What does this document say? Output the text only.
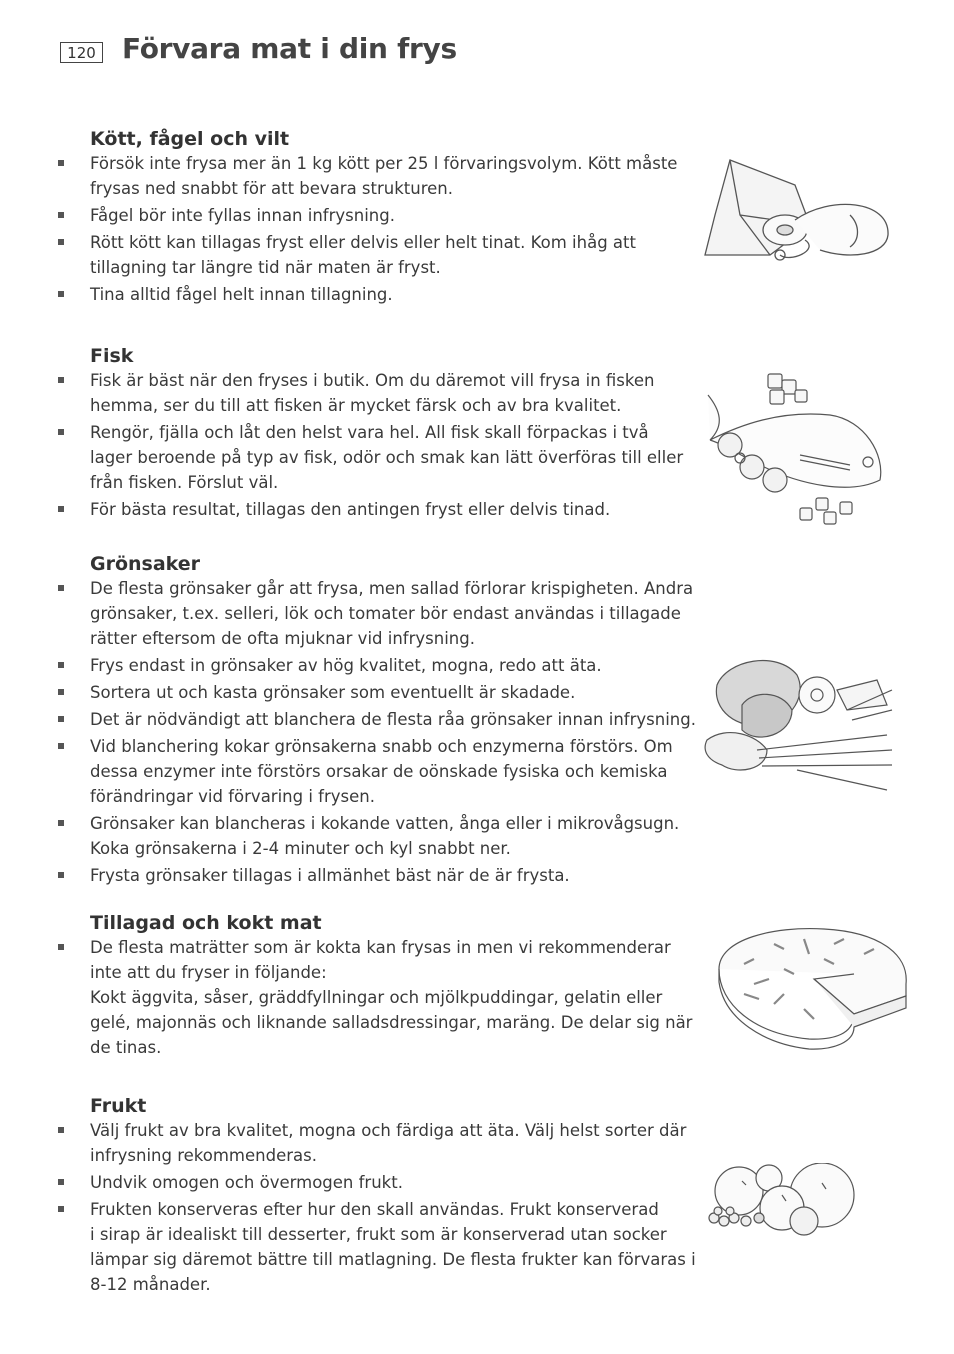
120 Förvara mat i din frys
Kött, fågel och vilt
Försök inte frysa mer än 1 kg kött per 25 l förvaringsvolym. Kött måste
frysas ned snabbt för att bevara strukturen.
Fågel bör inte fyllas innan infrysning.
Rött kött kan tillagas fryst eller delvis eller helt tinat. Kom ihåg att
tillagning tar längre tid när maten är fryst.
Tina alltid fågel helt innan tillagning.
Fisk
Fisk är bäst när den fryses i butik. Om du däremot vill frysa in fisken
hemma, ser du till att fisken är mycket färsk och av bra kvalitet.
Rengör, fjälla och låt den helst vara hel. All fisk skall förpackas i två
lager beroende på typ av fisk, odör och smak kan lätt överföras till eller
från fisken. Förslut väl.
För bästa resultat, tillagas den antingen fryst eller delvis tinad.
Grönsaker
De flesta grönsaker går att frysa, men sallad förlorar krispigheten. Andra
grönsaker, t.ex. selleri, lök och tomater bör endast användas i tillagade
rätter eftersom de ofta mjuknar vid infrysning.
Frys endast in grönsaker av hög kvalitet, mogna, redo att äta.
Sortera ut och kasta grönsaker som eventuellt är skadade.
Det är nödvändigt att blanchera de flesta råa grönsaker innan infrysning.
Vid blanchering kokar grönsakerna snabb och enzymerna förstörs. Om
dessa enzymer inte förstörs orsakar de oönskade fysiska och kemiska
förändringar vid förvaring i frysen.
Grönsaker kan blancheras i kokande vatten, ånga eller i mikrovågsugn.
Koka grönsakerna i 2-4 minuter och kyl snabbt ner.
Frysta grönsaker tillagas i allmänhet bäst när de är frysta.
Tillagad och kokt mat
De flesta maträtter som är kokta kan frysas in men vi rekommenderar
inte att du fryser in följande:
Kokt äggvita, såser, gräddfyllningar och mjölkpuddingar, gelatin eller
gelé, majonnäs och liknande salladsdressingar, maräng. De delar sig när
de tinas.
Frukt
Välj frukt av bra kvalitet, mogna och färdiga att äta. Välj helst sorter där
infrysning rekommenderas.
Undvik omogen och övermogen frukt.
Frukten konserveras efter hur den skall användas. Frukt konserverad
i sirap är idealiskt till desserter, frukt som är konserverad utan socker
lämpar sig däremot bättre till matlagning. De flesta frukter kan förvaras i
8-12 månader.
